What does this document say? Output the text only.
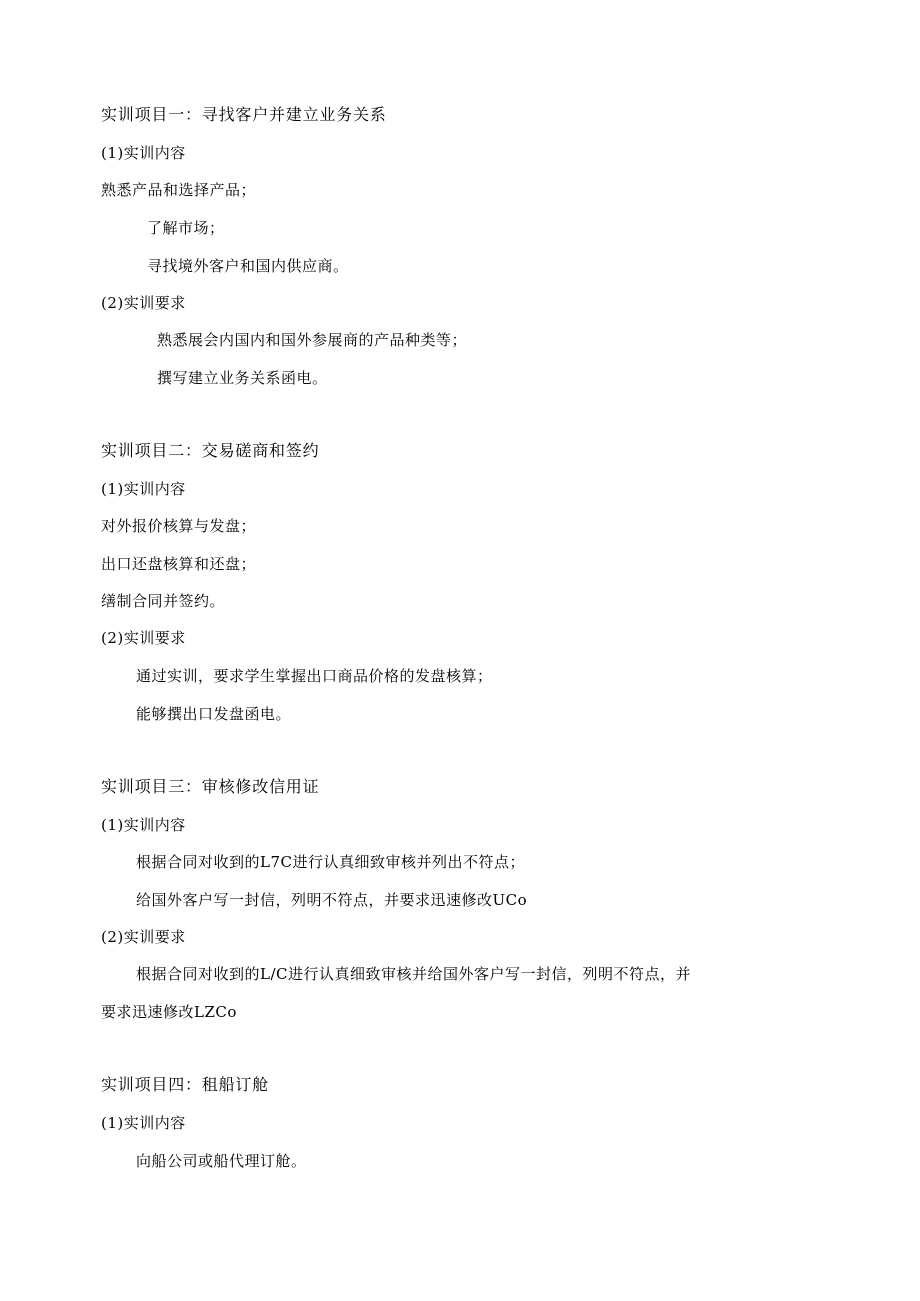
实训项目一：寻找客户并建立业务关系
(1)实训内容
熟悉产品和选择产品；
了解市场；
寻找境外客户和国内供应商。
(2)实训要求
熟悉展会内国内和国外参展商的产品种类等；
撰写建立业务关系函电。
实训项目二：交易磋商和签约
(1)实训内容
对外报价核算与发盘；
出口还盘核算和还盘；
缮制合同并签约。
(2)实训要求
通过实训，要求学生掌握出口商品价格的发盘核算；
能够撰出口发盘函电。
实训项目三：审核修改信用证
(1)实训内容
根据合同对收到的L7C进行认真细致审核并列出不符点；
给国外客户写一封信，列明不符点，并要求迅速修改UCo
(2)实训要求
根据合同对收到的L/C进行认真细致审核并给国外客户写一封信，列明不符点，并
要求迅速修改LZCo
实训项目四：租船订舱
(1)实训内容
向船公司或船代理订舱。
